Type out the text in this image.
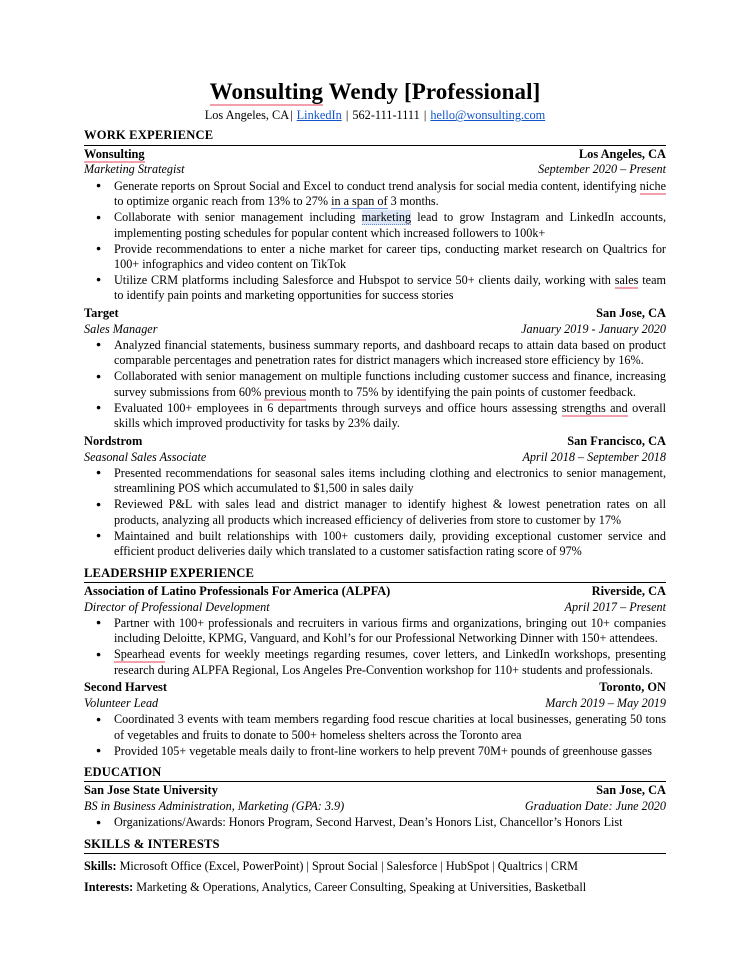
Wonsulting Wendy [Professional]
Los Angeles, CA| LinkedIn | 562-111-1111 | hello@wonsulting.com
WORK EXPERIENCE
Wonsulting	Los Angeles, CA
Marketing Strategist	September 2020 – Present
● Generate reports on Sprout Social and Excel to conduct trend analysis for social media content, identifying niche to optimize organic reach from 13% to 27% in a span of 3 months.
● Collaborate with senior management including marketing lead to grow Instagram and LinkedIn accounts, implementing posting schedules for popular content which increased followers to 100k+
● Provide recommendations to enter a niche market for career tips, conducting market research on Qualtrics for 100+ infographics and video content on TikTok
● Utilize CRM platforms including Salesforce and Hubspot to service 50+ clients daily, working with sales team to identify pain points and marketing opportunities for success stories
Target	San Jose, CA
Sales Manager	January 2019 - January 2020
● Analyzed financial statements, business summary reports, and dashboard recaps to attain data based on product comparable percentages and penetration rates for district managers which increased store efficiency by 16%.
● Collaborated with senior management on multiple functions including customer success and finance, increasing survey submissions from 60% previous month to 75% by identifying the pain points of customer feedback.
● Evaluated 100+ employees in 6 departments through surveys and office hours assessing strengths and overall skills which improved productivity for tasks by 23% daily.
Nordstrom	San Francisco, CA
Seasonal Sales Associate	April 2018 – September 2018
● Presented recommendations for seasonal sales items including clothing and electronics to senior management, streamlining POS which accumulated to $1,500 in sales daily
● Reviewed P&L with sales lead and district manager to identify highest & lowest penetration rates on all products, analyzing all products which increased efficiency of deliveries from store to customer by 17%
● Maintained and built relationships with 100+ customers daily, providing exceptional customer service and efficient product deliveries daily which translated to a customer satisfaction rating score of 97%
LEADERSHIP EXPERIENCE
Association of Latino Professionals For America (ALPFA)	Riverside, CA
Director of Professional Development	April 2017 – Present
● Partner with 100+ professionals and recruiters in various firms and organizations, bringing out 10+ companies including Deloitte, KPMG, Vanguard, and Kohl’s for our Professional Networking Dinner with 150+ attendees.
● Spearhead events for weekly meetings regarding resumes, cover letters, and LinkedIn workshops, presenting research during ALPFA Regional, Los Angeles Pre-Convention workshop for 110+ students and professionals.
Second Harvest	Toronto, ON
Volunteer Lead	March 2019 – May 2019
● Coordinated 3 events with team members regarding food rescue charities at local businesses, generating 50 tons of vegetables and fruits to donate to 500+ homeless shelters across the Toronto area
● Provided 105+ vegetable meals daily to front-line workers to help prevent 70M+ pounds of greenhouse gasses
EDUCATION
San Jose State University	San Jose, CA
BS in Business Administration, Marketing (GPA: 3.9)	Graduation Date: June 2020
● Organizations/Awards: Honors Program, Second Harvest, Dean’s Honors List, Chancellor’s Honors List
SKILLS & INTERESTS
Skills: Microsoft Office (Excel, PowerPoint) | Sprout Social | Salesforce | HubSpot | Qualtrics | CRM
Interests: Marketing & Operations, Analytics, Career Consulting, Speaking at Universities, Basketball
